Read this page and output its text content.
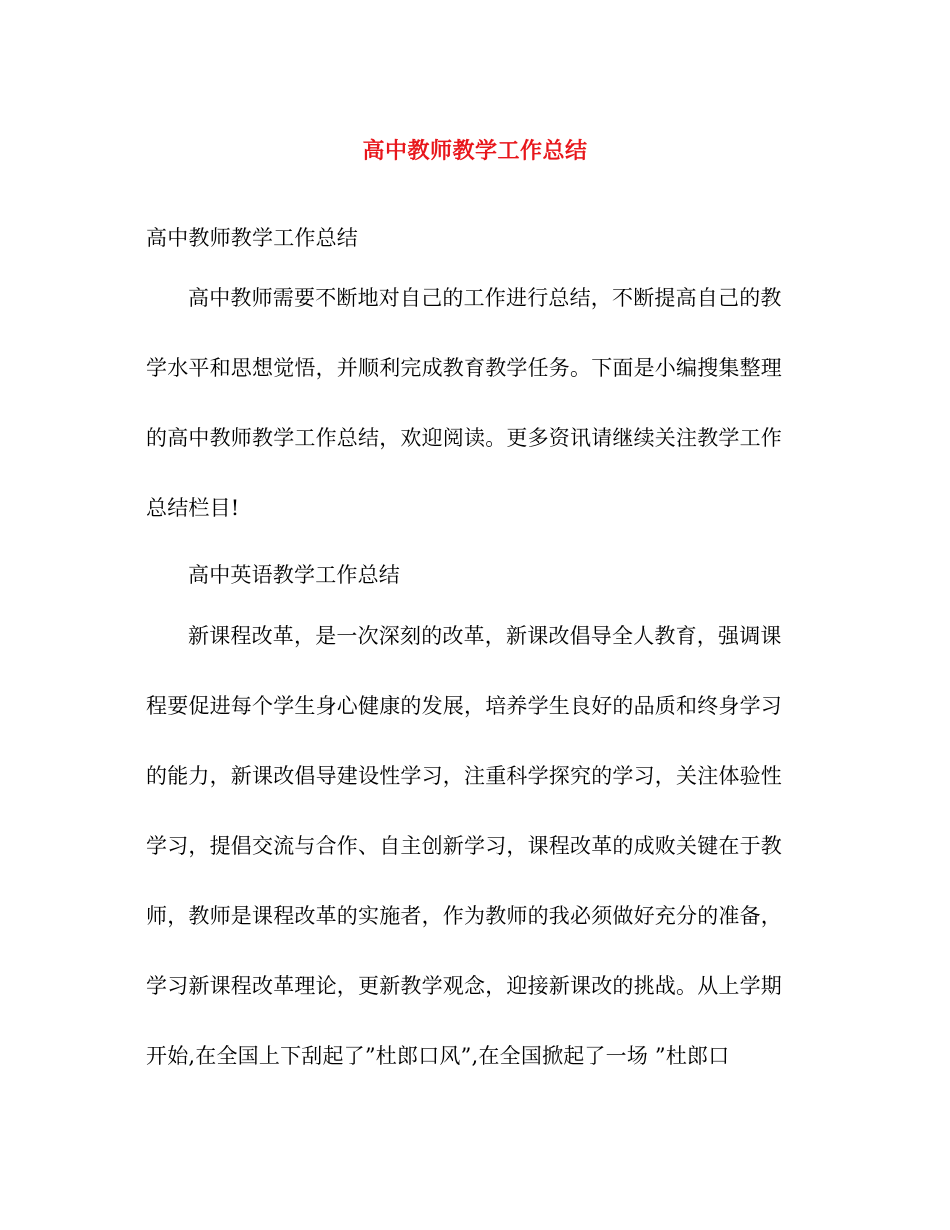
高中教师教学工作总结
高中教师教学工作总结
高中教师需要不断地对自己的工作进行总结，不断提高自己的教
学水平和思想觉悟，并顺利完成教育教学任务。下面是小编搜集整理
的高中教师教学工作总结，欢迎阅读。更多资讯请继续关注教学工作
总结栏目!
高中英语教学工作总结
新课程改革，是一次深刻的改革，新课改倡导全人教育，强调课
程要促进每个学生身心健康的发展，培养学生良好的品质和终身学习
的能力，新课改倡导建设性学习，注重科学探究的学习，关注体验性
学习，提倡交流与合作、自主创新学习，课程改革的成败关键在于教
师，教师是课程改革的实施者，作为教师的我必须做好充分的准备，
学习新课程改革理论，更新教学观念，迎接新课改的挑战。从上学期
开始,在全国上下刮起了”杜郎口风”,在全国掀起了一场 ”杜郎口
